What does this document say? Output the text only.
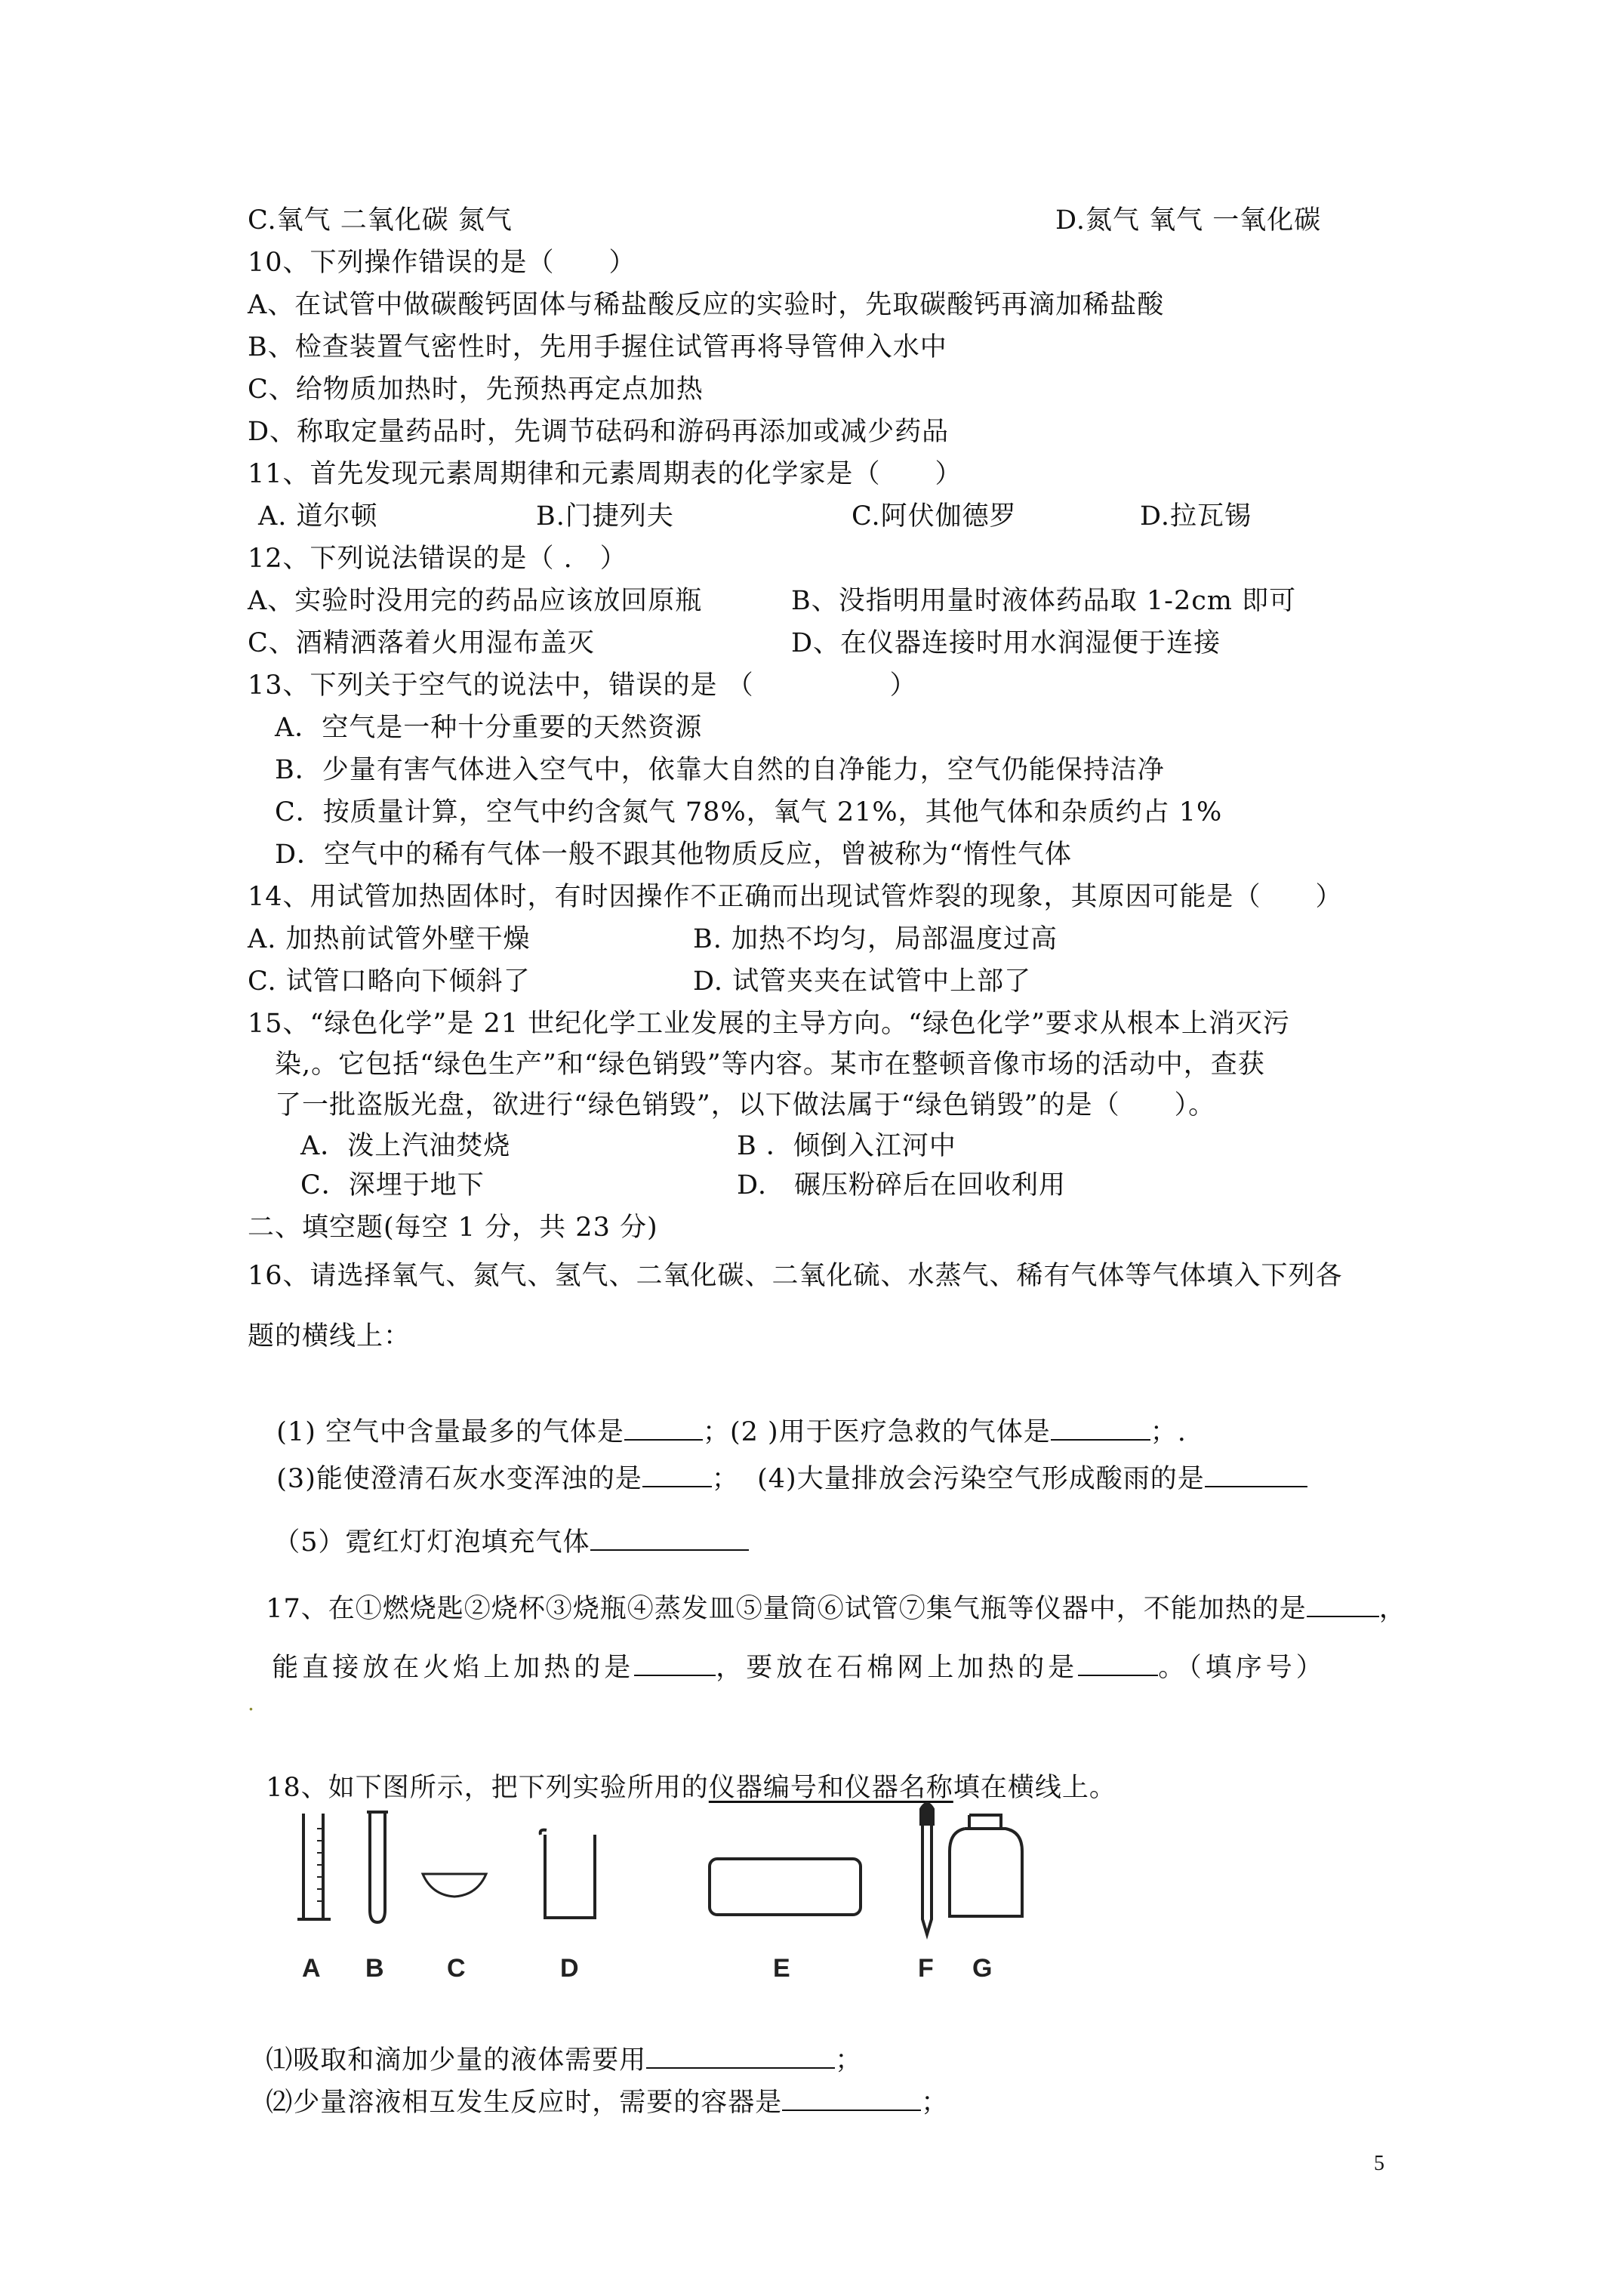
C.氧气 二氧化碳 氮气	D.氮气 氧气 一氧化碳
10、下列操作错误的是（　　）
A、在试管中做碳酸钙固体与稀盐酸反应的实验时，先取碳酸钙再滴加稀盐酸
B、检查装置气密性时，先用手握住试管再将导管伸入水中
C、给物质加热时，先预热再定点加热
D、称取定量药品时，先调节砝码和游码再添加或减少药品
11、首先发现元素周期律和元素周期表的化学家是（　　）
A. 道尔顿	B.门捷列夫	C.阿伏伽德罗	D.拉瓦锡
12、下列说法错误的是（ .　）
A、实验时没用完的药品应该放回原瓶	B、没指明用量时液体药品取 1-2cm 即可
C、酒精洒落着火用湿布盖灭	D、在仪器连接时用水润湿便于连接
13、下列关于空气的说法中，错误的是 （　　　　　）
A．空气是一种十分重要的天然资源
B．少量有害气体进入空气中，依靠大自然的自净能力，空气仍能保持洁净
C．按质量计算，空气中约含氮气 78%，氧气 21%，其他气体和杂质约占 1%
D．空气中的稀有气体一般不跟其他物质反应，曾被称为“惰性气体
14、用试管加热固体时，有时因操作不正确而出现试管炸裂的现象，其原因可能是（　　）
A. 加热前试管外壁干燥	B. 加热不均匀，局部温度过高
C. 试管口略向下倾斜了	D. 试管夹夹在试管中上部了
15、“绿色化学”是 21 世纪化学工业发展的主导方向。“绿色化学”要求从根本上消灭污
染,。它包括“绿色生产”和“绿色销毁”等内容。某市在整顿音像市场的活动中，查获
了一批盗版光盘，欲进行“绿色销毁”，以下做法属于“绿色销毁”的是（　　）。
A．泼上汽油焚烧	B ．倾倒入江河中
C．深埋于地下	D.　碾压粉碎后在回收利用
二、填空题(每空 1 分，共 23 分)
16、请选择氧气、氮气、氢气、二氧化碳、二氧化硫、水蒸气、稀有气体等气体填入下列各
题的横线上：

(1) 空气中含量最多的气体是	；(2 )用于医疗急救的气体是	；.

(3)能使澄清石灰水变浑浊的是	；  (4)大量排放会污染空气形成酸雨的是

（5）霓红灯灯泡填充气体

17、在①燃烧匙②烧杯③烧瓶④蒸发皿⑤量筒⑥试管⑦集气瓶等仪器中，不能加热的是	，

能直接放在火焰上加热的是	，要放在石棉网上加热的是	。（填序号）

.

18、如下图所示，把下列实验所用的仪器编号和仪器名称填在横线上。

A B C	D	E	F G

⑴吸取和滴加少量的液体需要用	；

⑵少量溶液相互发生反应时，需要的容器是	；

5
